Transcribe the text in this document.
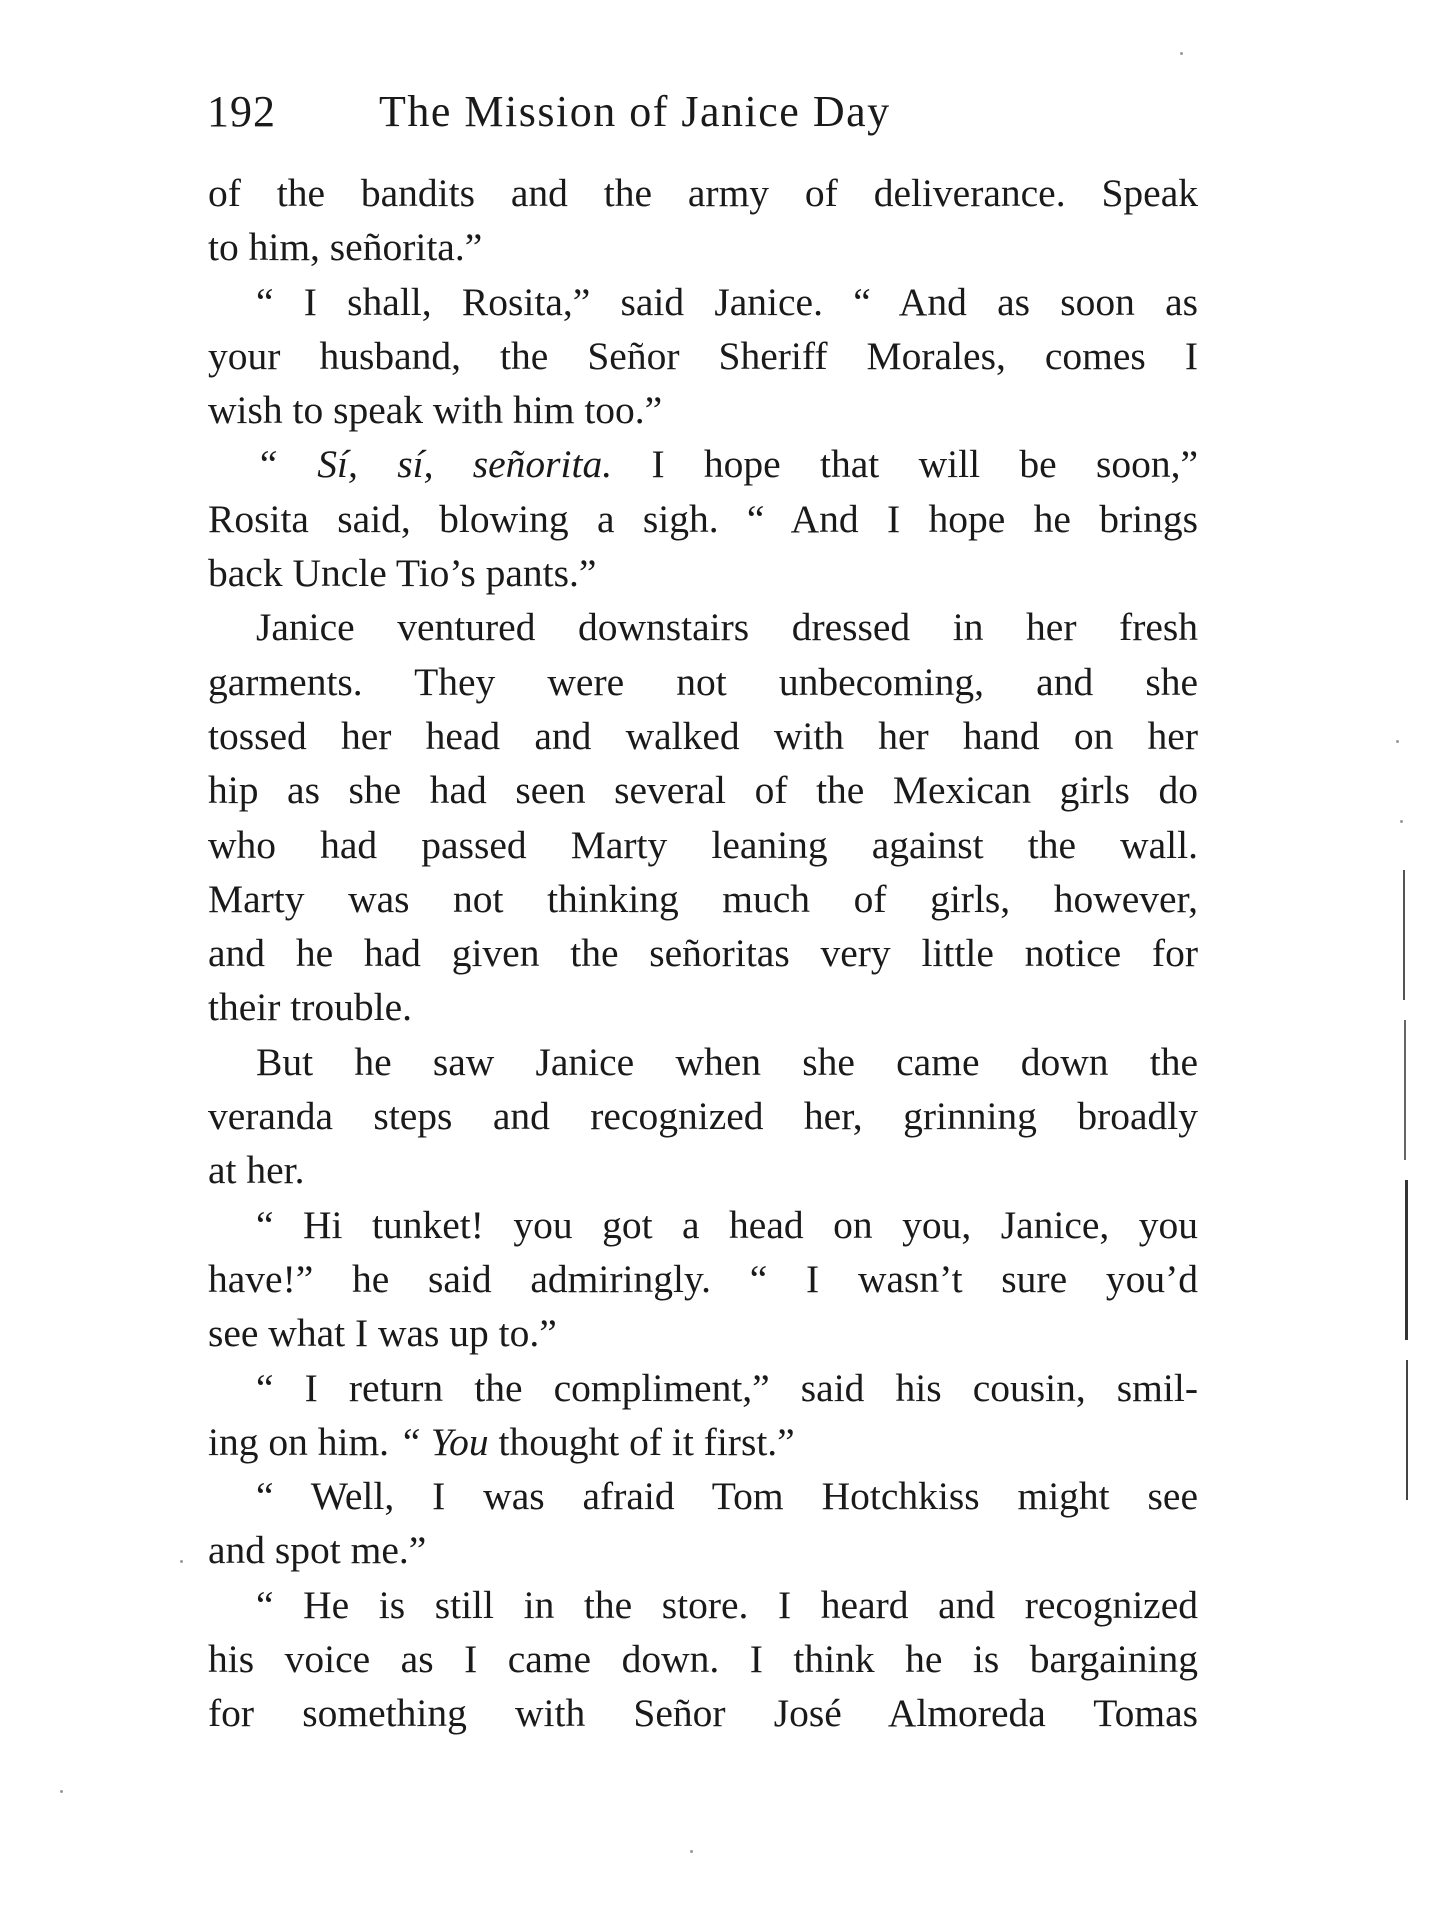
192 The Mission of Janice Day
of the bandits and the army of deliverance. Speak
to him, señorita.”
“ I shall, Rosita,” said Janice. “ And as soon as
your husband, the Señor Sheriff Morales, comes I
wish to speak with him too.”
“ Sí, sí, señorita. I hope that will be soon,”
Rosita said, blowing a sigh. “ And I hope he brings
back Uncle Tio’s pants.”
Janice ventured downstairs dressed in her fresh
garments. They were not unbecoming, and she
tossed her head and walked with her hand on her
hip as she had seen several of the Mexican girls do
who had passed Marty leaning against the wall.
Marty was not thinking much of girls, however,
and he had given the señoritas very little notice for
their trouble.
But he saw Janice when she came down the
veranda steps and recognized her, grinning broadly
at her.
“ Hi tunket! you got a head on you, Janice, you
have!” he said admiringly. “ I wasn’t sure you’d
see what I was up to.”
“ I return the compliment,” said his cousin, smil-
ing on him. “ You thought of it first.”
“ Well, I was afraid Tom Hotchkiss might see
and spot me.”
“ He is still in the store. I heard and recognized
his voice as I came down. I think he is bargaining
for something with Señor José Almoreda Tomas
